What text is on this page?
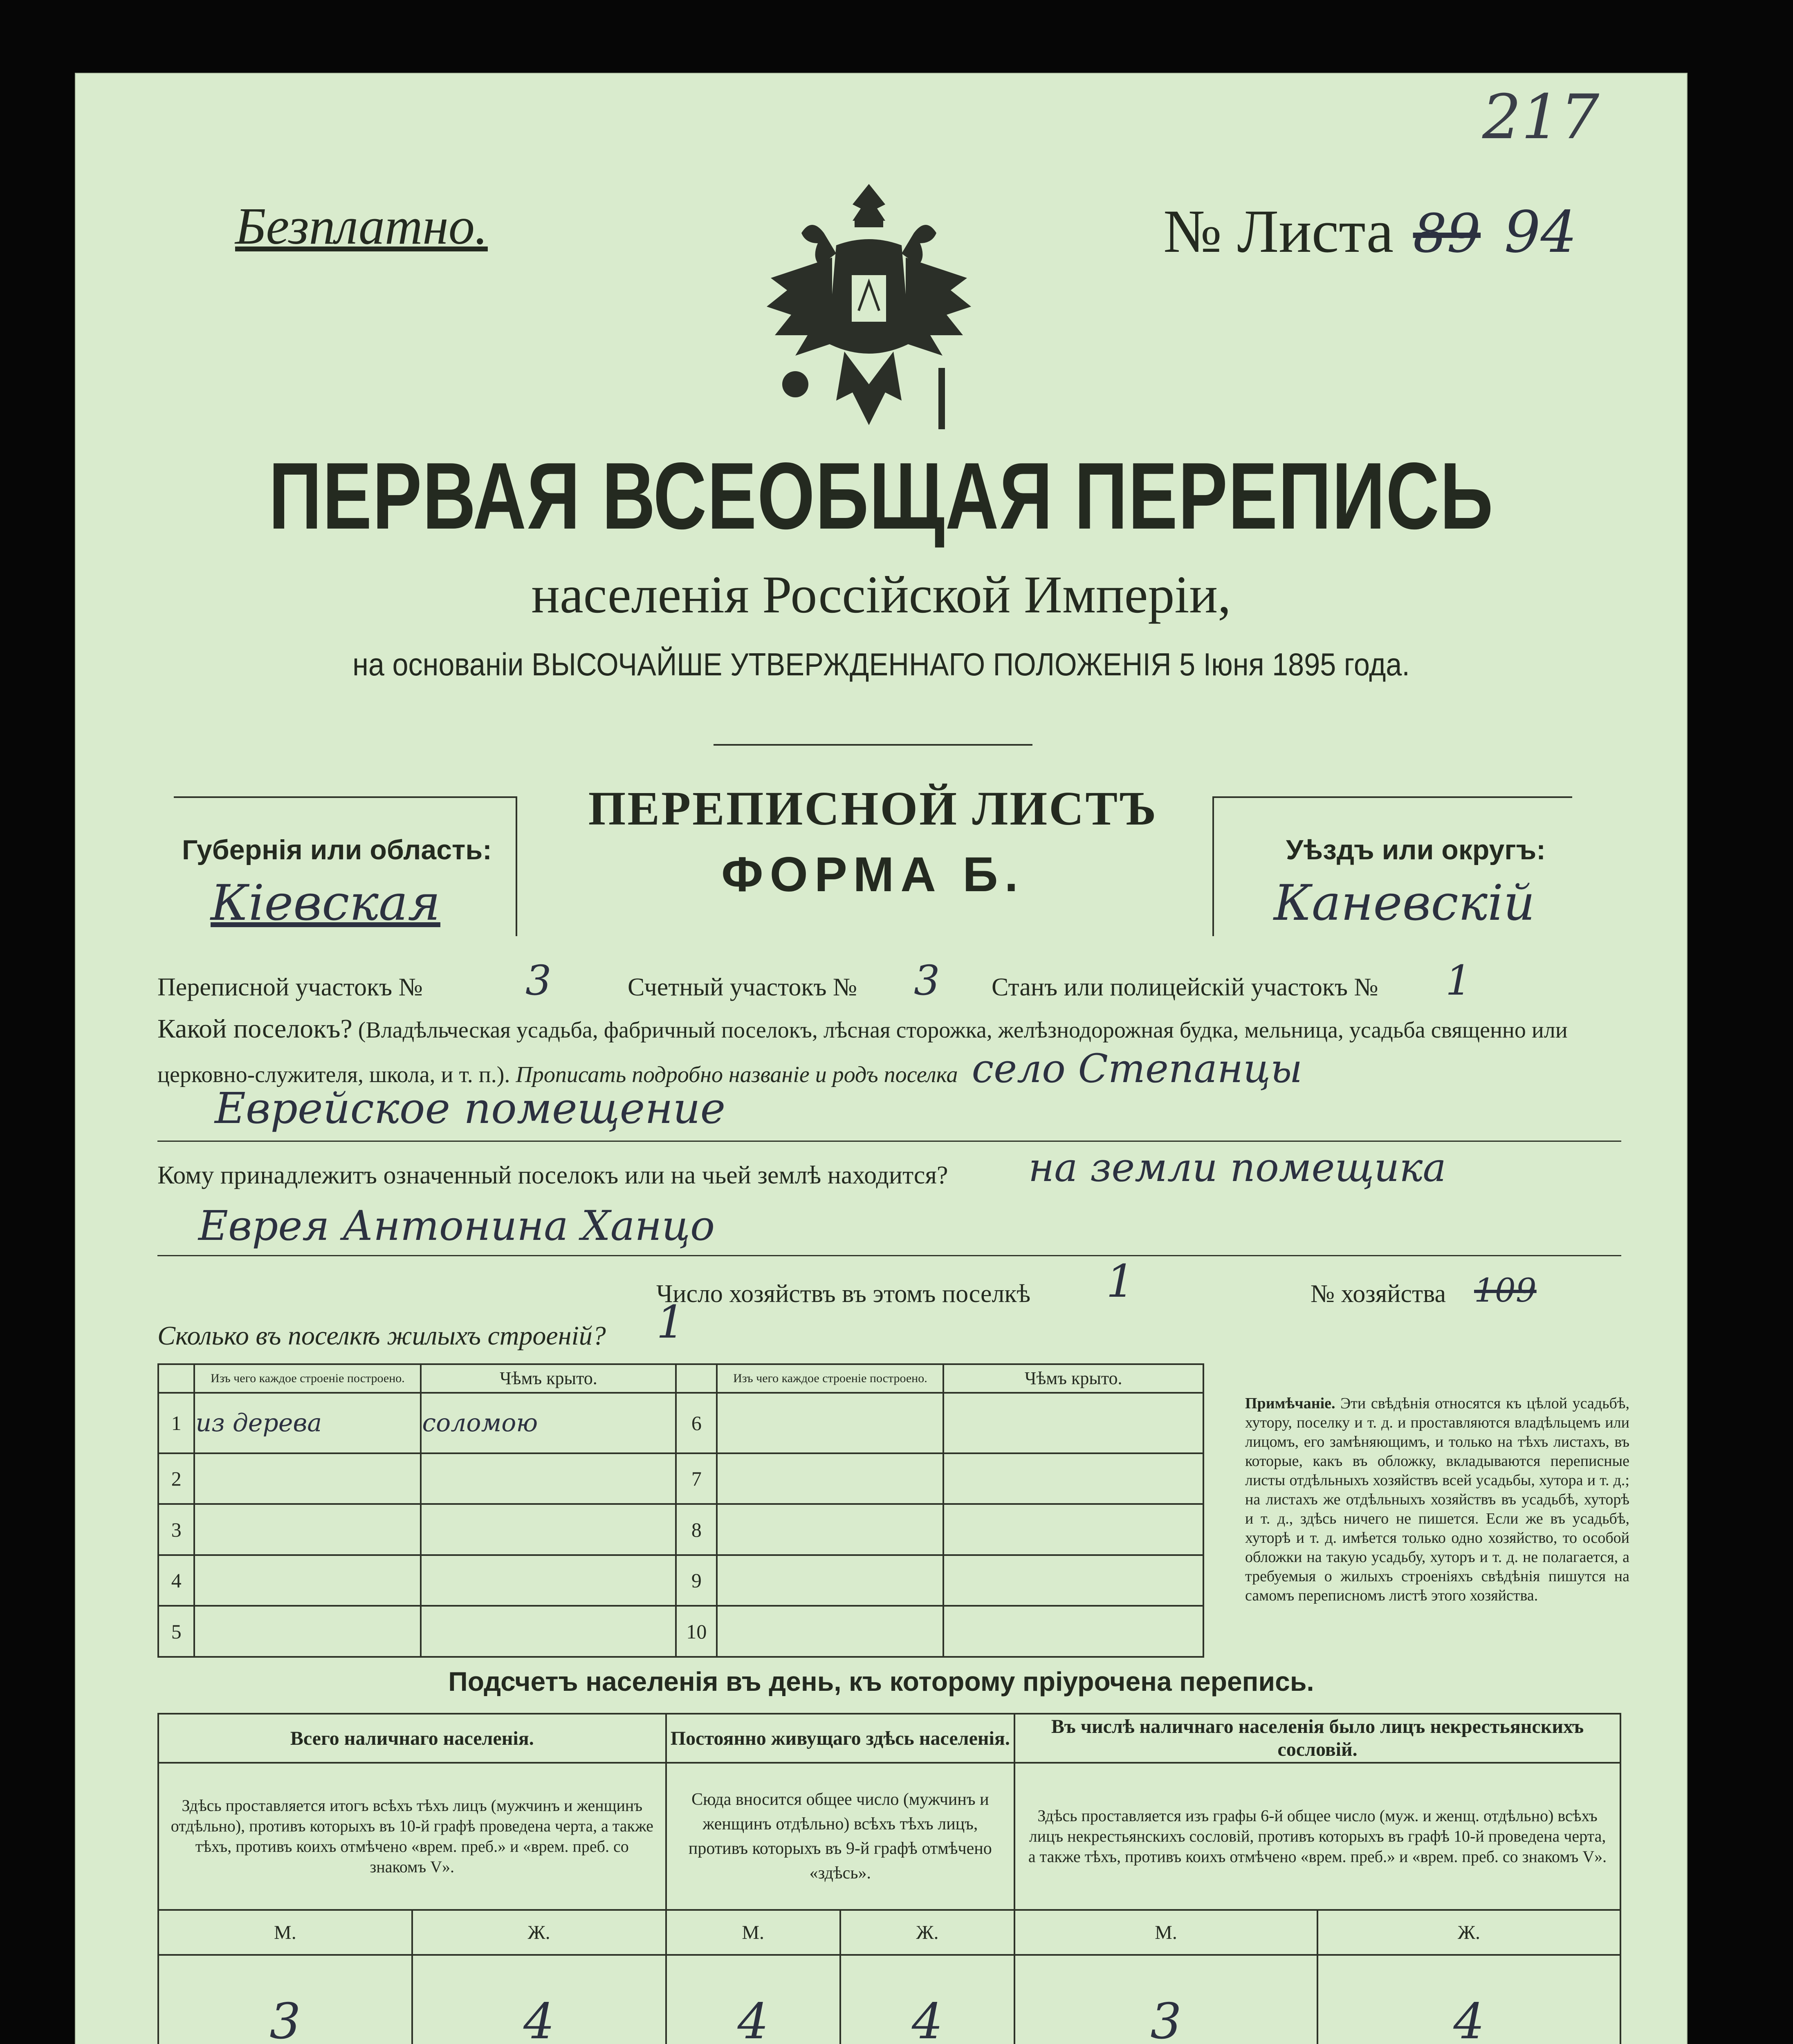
217
Безплатно.	№ Листа 89 94
ПЕРВАЯ ВСЕОБЩАЯ ПЕРЕПИСЬ
населенія Россійской Имперіи,
на основаніи ВЫСОЧАЙШЕ УТВЕРЖДЕННАГО ПОЛОЖЕНІЯ 5 Іюня 1895 года.
ПЕРЕПИСНОЙ ЛИСТЪ
ФОРМА Б.
Губернія или область:
Кіевская
Уѣздъ или округъ:
Каневскій
Переписной участокъ №	3	Счетный участокъ № 3 Станъ или полицейскій участокъ № 1
Какой поселокъ? (Владѣльческая усадьба, фабричный поселокъ, лѣсная сторожка, желѣзнодорожная будка, мельница, усадьба священно или церковно-служителя, школа, и т. п.). Прописать подробно названіе и родъ поселка село Степанцы
Еврейское помещение
Кому принадлежитъ означенный поселокъ или на чьей землѣ находится? на земли помещика
Еврея Антонина Ханцо
Число хозяйствъ въ этомъ поселкѣ 1	№ хозяйства 109
Сколько въ поселкѣ жилыхъ строеній? 1
	Изъ чего каждое строеніе построено.	Чѣмъ крыто.		Изъ чего каждое строеніе построено.	Чѣмъ крыто.
1	из дерева	соломою	6		
2			7		
3			8		
4			9		
5			10		
Примѣчаніе. Эти свѣдѣнія относятся къ цѣлой усадьбѣ, хутору, поселку и т. д. и проставляются владѣльцемъ или лицомъ, его замѣняющимъ, и только на тѣхъ листахъ, въ которые, какъ въ обложку, вкладываются переписные листы отдѣльныхъ хозяйствъ всей усадьбы, хутора и т. д.; на листахъ же отдѣльныхъ хозяйствъ въ усадьбѣ, хуторѣ и т. д., здѣсь ничего не пишется. Если же въ усадьбѣ, хуторѣ и т. д. имѣется только одно хозяйство, то особой обложки на такую усадьбу, хуторъ и т. д. не полагается, а требуемыя о жилыхъ строеніяхъ свѣдѣнія пишутся на самомъ переписномъ листѣ этого хозяйства.
Подсчетъ населенія въ день, къ которому пріурочена перепись.
Всего наличнаго населенія.		Постоянно живущаго здѣсь населенія.		Въ числѣ наличнаго населенія было лицъ некрестьянскихъ сословій.	
Здѣсь проставляется итогъ всѣхъ тѣхъ лицъ (мужчинъ и женщинъ отдѣльно), противъ которыхъ въ 10-й графѣ проведена черта, а также тѣхъ, противъ коихъ отмѣчено «врем. преб.» и «врем. преб. со знакомъ V».		Сюда вносится общее число (мужчинъ и женщинъ отдѣльно) всѣхъ тѣхъ лицъ, противъ которыхъ въ 9-й графѣ отмѣчено «здѣсь».		Здѣсь проставляется изъ графы 6-й общее число (муж. и женщ. отдѣльно) всѣхъ лицъ некрестьянскихъ сословій, противъ которыхъ въ графѣ 10-й проведена черта, а также тѣхъ, противъ коихъ отмѣчено «врем. преб.» и «врем. преб. со знакомъ V».	
М.	Ж.	М.	Ж.	М.	Ж.
3	4	4	4	3	4
